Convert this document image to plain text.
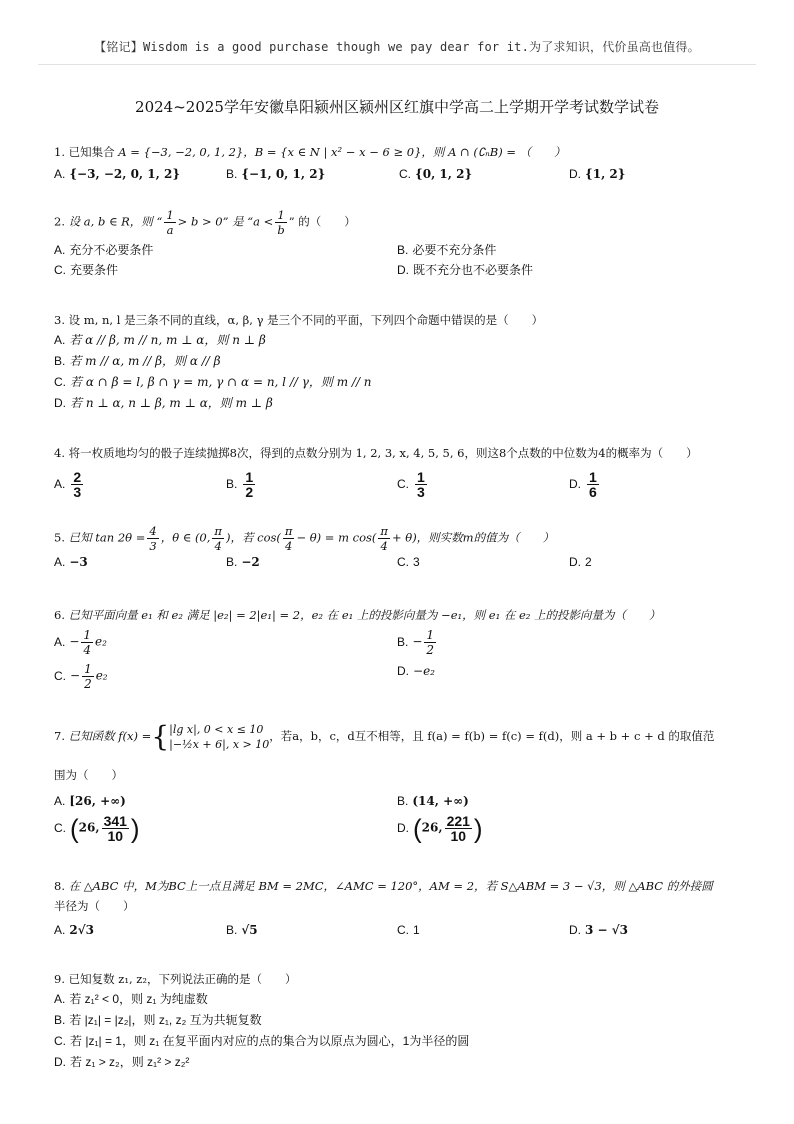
【铭记】Wisdom is a good purchase though we pay dear for it.为了求知识，代价虽高也值得。
2024~2025学年安徽阜阳颍州区颍州区红旗中学高二上学期开学考试数学试卷
1. 已知集合 A = {−3, −2, 0, 1, 2}，B = {x ∈ N | x² − x − 6 ≥ 0}，则 A ∩ (∁ₙB) = （　　）
A. {−3, −2, 0, 1, 2}	B. {−1, 0, 1, 2}	C. {0, 1, 2}	D. {1, 2}
2. 设 a, b ∈ R，则 “ $\frac{1}{a} > b > 0$” 是 “$a < \frac{1}{b}$ ” 的（　　）
A. 充分不必要条件	B. 必要不充分条件
C. 充要条件	D. 既不充分也不必要条件
3. 设 m, n, l 是三条不同的直线，α, β, γ 是三个不同的平面，下列四个命题中错误的是（　　）
A. 若 α // β, m // n, m ⊥ α，则 n ⊥ β
B. 若 m // α, m // β，则 α // β
C. 若 α ∩ β = l, β ∩ γ = m, γ ∩ α = n, l // γ，则 m // n
D. 若 n ⊥ α, n ⊥ β, m ⊥ α，则 m ⊥ β
4. 将一枚质地均匀的骰子连续抛掷8次，得到的点数分别为 1, 2, 3, x, 4, 5, 5, 6，则这8个点数的中位数为4的概率为（　　）
A. $\frac{2}{3}$	B. $\frac{1}{2}$	C. $\frac{1}{3}$	D. $\frac{1}{6}$
5. 已知 $\tan 2\theta = \frac{4}{3}$ ，θ ∈ (0, $\frac{\pi}{4}$ )，若 $\cos( \frac{\pi}{4} - \theta) = m$ $\cos( \frac{\pi}{4} + \theta)$，则实数m的值为（　　）
A. −3	B. −2	C. 3	D. 2
6. 已知平面向量 e₁ 和 e₂ 满足 |e₂| = 2|e₁| = 2，e₂ 在 e₁ 上的投影向量为 −e₁，则 e₁ 在 e₂ 上的投影向量为（　　）
A. − $\frac{1}{4} e_2$	B. − $\frac{1}{2}$
C. − $\frac{1}{2} e_2$	D. −e₂
7. 已知函数 f(x) ={ |lg x|, 0 < x ≤ 10
|−½x + 6|, x > 10
，若a，b，c，d互不相等，且 f(a) = f(b) = f(c) = f(d)，则 a + b + c + d 的取值范
围为（　　）
A. [26, +∞)	B. (14, +∞)
C. (26, $\frac{341}{10}$ )	D. (26, $\frac{221}{10}$ )
8. 在 △ABC 中，M为BC上一点且满足 BM = 2MC，∠AMC = 120°，AM = 2，若 S△ABM = 3 − √3，则 △ABC 的外接圆
半径为（　　）
A. 2√3	B. √5	C. 1	D. 3 − √3
9. 已知复数 z₁, z₂，下列说法正确的是（　　）
A. 若 z₁² < 0，则 z₁ 为纯虚数
B. 若 |z₁| = |z₂|，则 z₁, z₂ 互为共轭复数
C. 若 |z₁| = 1，则 z₁ 在复平面内对应的点的集合为以原点为圆心，1为半径的圆
D. 若 z₁ > z₂，则 z₁² > z₂²
